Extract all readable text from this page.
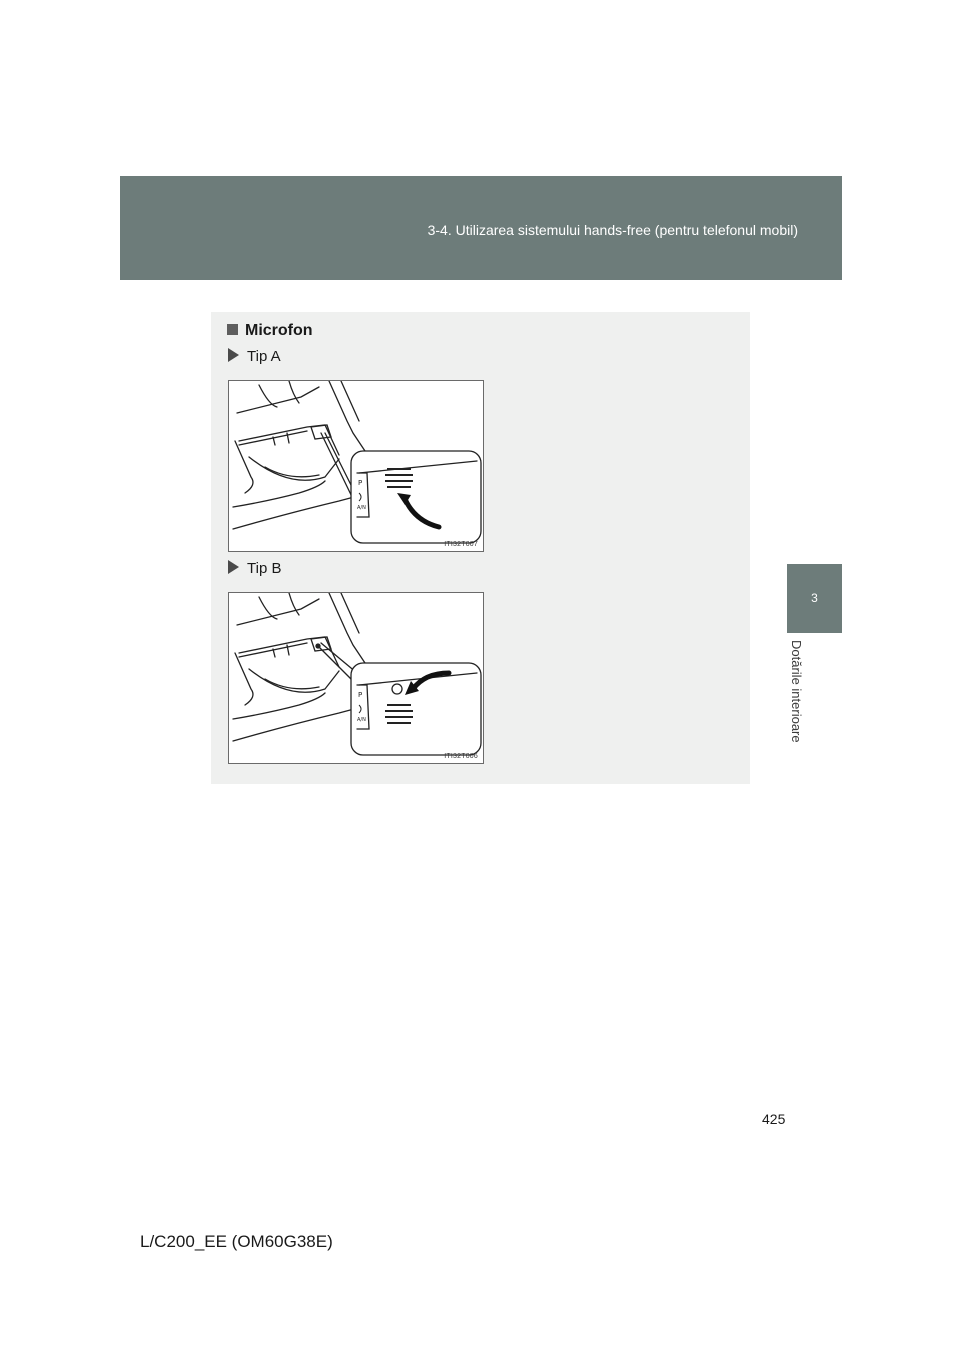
3-4. Utilizarea sistemului hands-free (pentru telefonul mobil)
3
Dotările interioare
Microfon
Tip A
P
A/N
ITI32T007
Tip B
P
A/N
ITI32T006
425
L/C200_EE (OM60G38E)
